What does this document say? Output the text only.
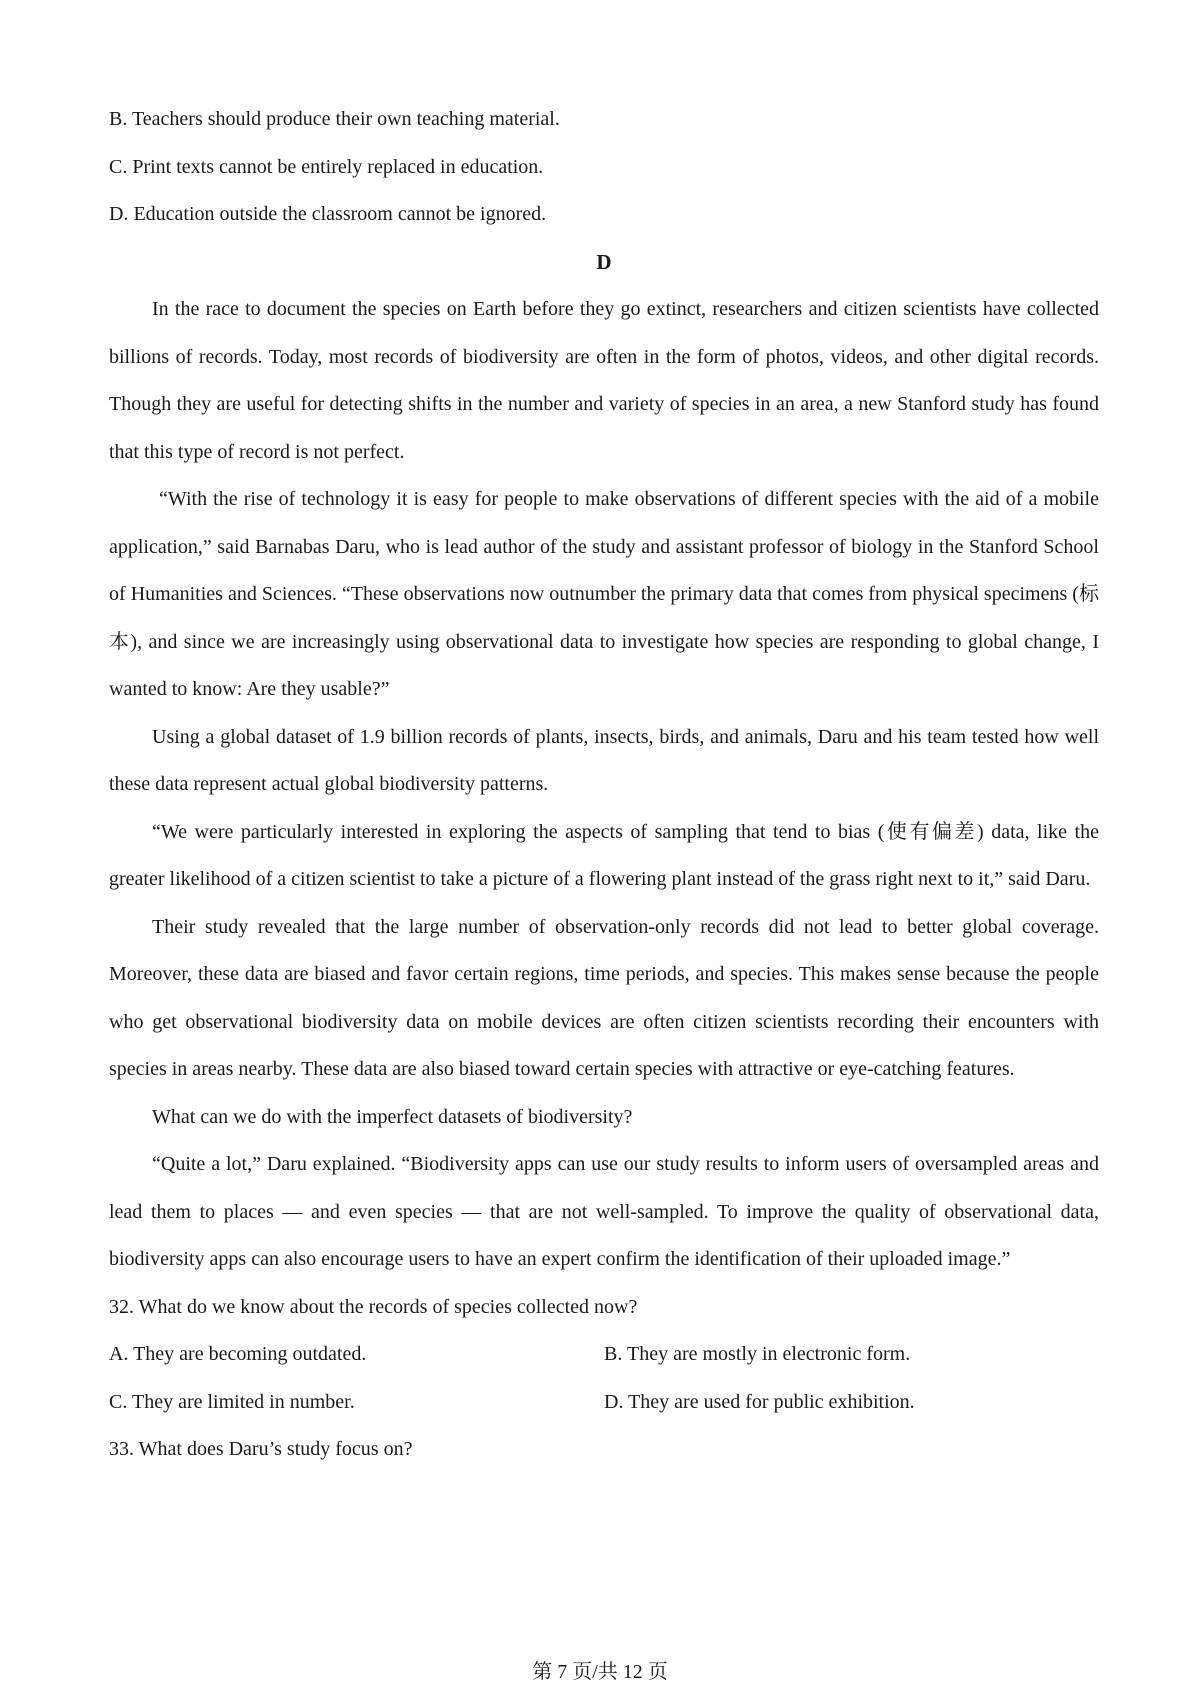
B. Teachers should produce their own teaching material.
C. Print texts cannot be entirely replaced in education.
D. Education outside the classroom cannot be ignored.
D

In the race to document the species on Earth before they go extinct, researchers and citizen scientists have collected billions of records. Today, most records of biodiversity are often in the form of photos, videos, and other digital records. Though they are useful for detecting shifts in the number and variety of species in an area, a new Stanford study has found that this type of record is not perfect.

“With the rise of technology it is easy for people to make observations of different species with the aid of a mobile application,” said Barnabas Daru, who is lead author of the study and assistant professor of biology in the Stanford School of Humanities and Sciences. “These observations now outnumber the primary data that comes from physical specimens (标本), and since we are increasingly using observational data to investigate how species are responding to global change, I wanted to know: Are they usable?”

Using a global dataset of 1.9 billion records of plants, insects, birds, and animals, Daru and his team tested how well these data represent actual global biodiversity patterns.

“We were particularly interested in exploring the aspects of sampling that tend to bias (使有偏差) data, like the greater likelihood of a citizen scientist to take a picture of a flowering plant instead of the grass right next to it,” said Daru.

Their study revealed that the large number of observation-only records did not lead to better global coverage. Moreover, these data are biased and favor certain regions, time periods, and species. This makes sense because the people who get observational biodiversity data on mobile devices are often citizen scientists recording their encounters with species in areas nearby. These data are also biased toward certain species with attractive or eye-catching features.

What can we do with the imperfect datasets of biodiversity?

“Quite a lot,” Daru explained. “Biodiversity apps can use our study results to inform users of oversampled areas and lead them to places — and even species — that are not well-sampled. To improve the quality of observational data, biodiversity apps can also encourage users to have an expert confirm the identification of their uploaded image.”

32. What do we know about the records of species collected now?
A. They are becoming outdated.	B. They are mostly in electronic form.
C. They are limited in number.	D. They are used for public exhibition.
33. What does Daru’s study focus on?
第 7 页/共 12 页
